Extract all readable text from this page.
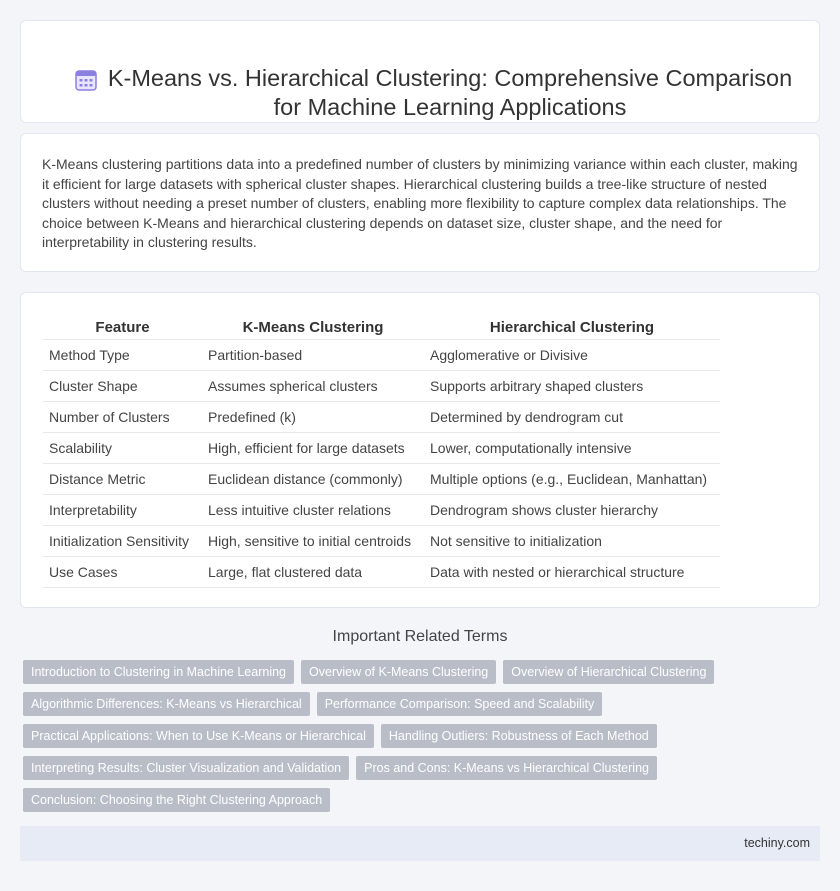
K-Means vs. Hierarchical Clustering: Comprehensive Comparison for Machine Learning Applications

K-Means clustering partitions data into a predefined number of clusters by minimizing variance within each cluster, making it efficient for large datasets with spherical cluster shapes. Hierarchical clustering builds a tree-like structure of nested clusters without needing a preset number of clusters, enabling more flexibility to capture complex data relationships. The choice between K-Means and hierarchical clustering depends on dataset size, cluster shape, and the need for interpretability in clustering results.

Feature	K-Means Clustering	Hierarchical Clustering
Method Type	Partition-based	Agglomerative or Divisive
Cluster Shape	Assumes spherical clusters	Supports arbitrary shaped clusters
Number of Clusters	Predefined (k)	Determined by dendrogram cut
Scalability	High, efficient for large datasets	Lower, computationally intensive
Distance Metric	Euclidean distance (commonly)	Multiple options (e.g., Euclidean, Manhattan)
Interpretability	Less intuitive cluster relations	Dendrogram shows cluster hierarchy
Initialization Sensitivity	High, sensitive to initial centroids	Not sensitive to initialization
Use Cases	Large, flat clustered data	Data with nested or hierarchical structure
Important Related Terms
Introduction to Clustering in Machine Learning	Overview of K-Means Clustering	Overview of Hierarchical Clustering
Algorithmic Differences: K-Means vs Hierarchical	Performance Comparison: Speed and Scalability
Practical Applications: When to Use K-Means or Hierarchical	Handling Outliers: Robustness of Each Method
Interpreting Results: Cluster Visualization and Validation	Pros and Cons: K-Means vs Hierarchical Clustering
Conclusion: Choosing the Right Clustering Approach
techiny.com
